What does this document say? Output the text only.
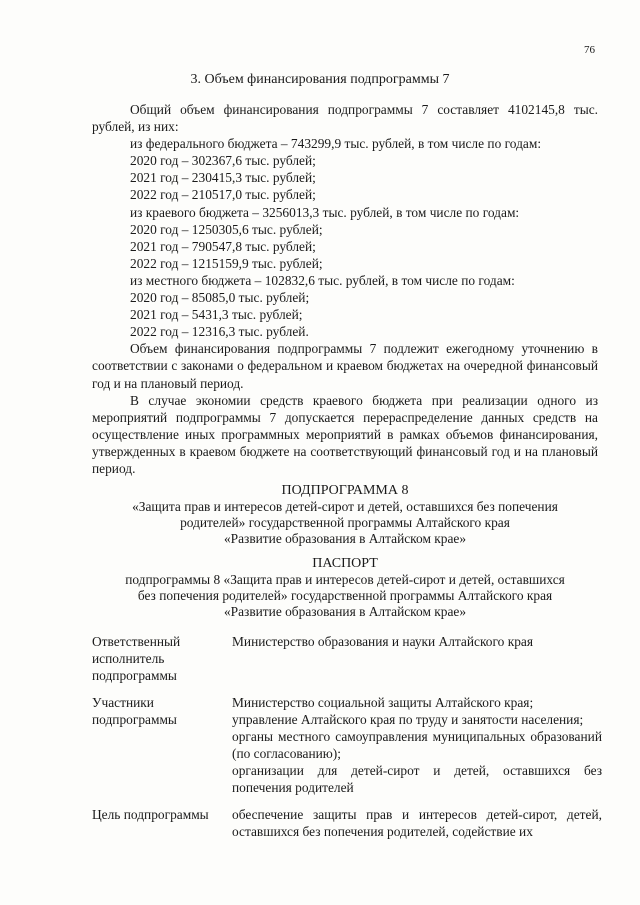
76
3. Объем финансирования подпрограммы 7

Общий объем финансирования подпрограммы 7 составляет 4102145,8 тыс. рублей, из них:

из федерального бюджета – 743299,9 тыс. рублей, в том числе по годам:

2020 год – 302367,6 тыс. рублей;

2021 год – 230415,3 тыс. рублей;

2022 год – 210517,0 тыс. рублей;

из краевого бюджета – 3256013,3 тыс. рублей, в том числе по годам:

2020 год – 1250305,6 тыс. рублей;

2021 год – 790547,8 тыс. рублей;

2022 год – 1215159,9 тыс. рублей;

из местного бюджета – 102832,6 тыс. рублей, в том числе по годам:

2020 год – 85085,0 тыс. рублей;

2021 год – 5431,3 тыс. рублей;

2022 год – 12316,3 тыс. рублей.

Объем финансирования подпрограммы 7 подлежит ежегодному уточнению в соответствии с законами о федеральном и краевом бюджетах на очередной финансовый год и на плановый период.

В случае экономии средств краевого бюджета при реализации одного из мероприятий подпрограммы 7 допускается перераспределение данных средств на осуществление иных программных мероприятий в рамках объемов финансирования, утвержденных в краевом бюджете на соответствующий финансовый год и на плановый период.

ПОДПРОГРАММА 8
«Защита прав и интересов детей-сирот и детей, оставшихся без попечения
родителей» государственной программы Алтайского края
«Развитие образования в Алтайском крае»
ПАСПОРТ
подпрограммы 8 «Защита прав и интересов детей-сирот и детей, оставшихся
без попечения родителей» государственной программы Алтайского края
«Развитие образования в Алтайском крае»
Ответственный исполнитель подпрограммы
Министерство образования и науки Алтайского края
Участники подпрограммы

Министерство социальной защиты Алтайского края;

управление Алтайского края по труду и занятости населения;

органы местного самоуправления муниципальных образований (по согласованию);

организации для детей-сирот и детей, оставшихся без попечения родителей

Цель подпрограммы обеспечение защиты прав и интересов детей-сирот, детей, оставшихся без попечения родителей, содействие их
